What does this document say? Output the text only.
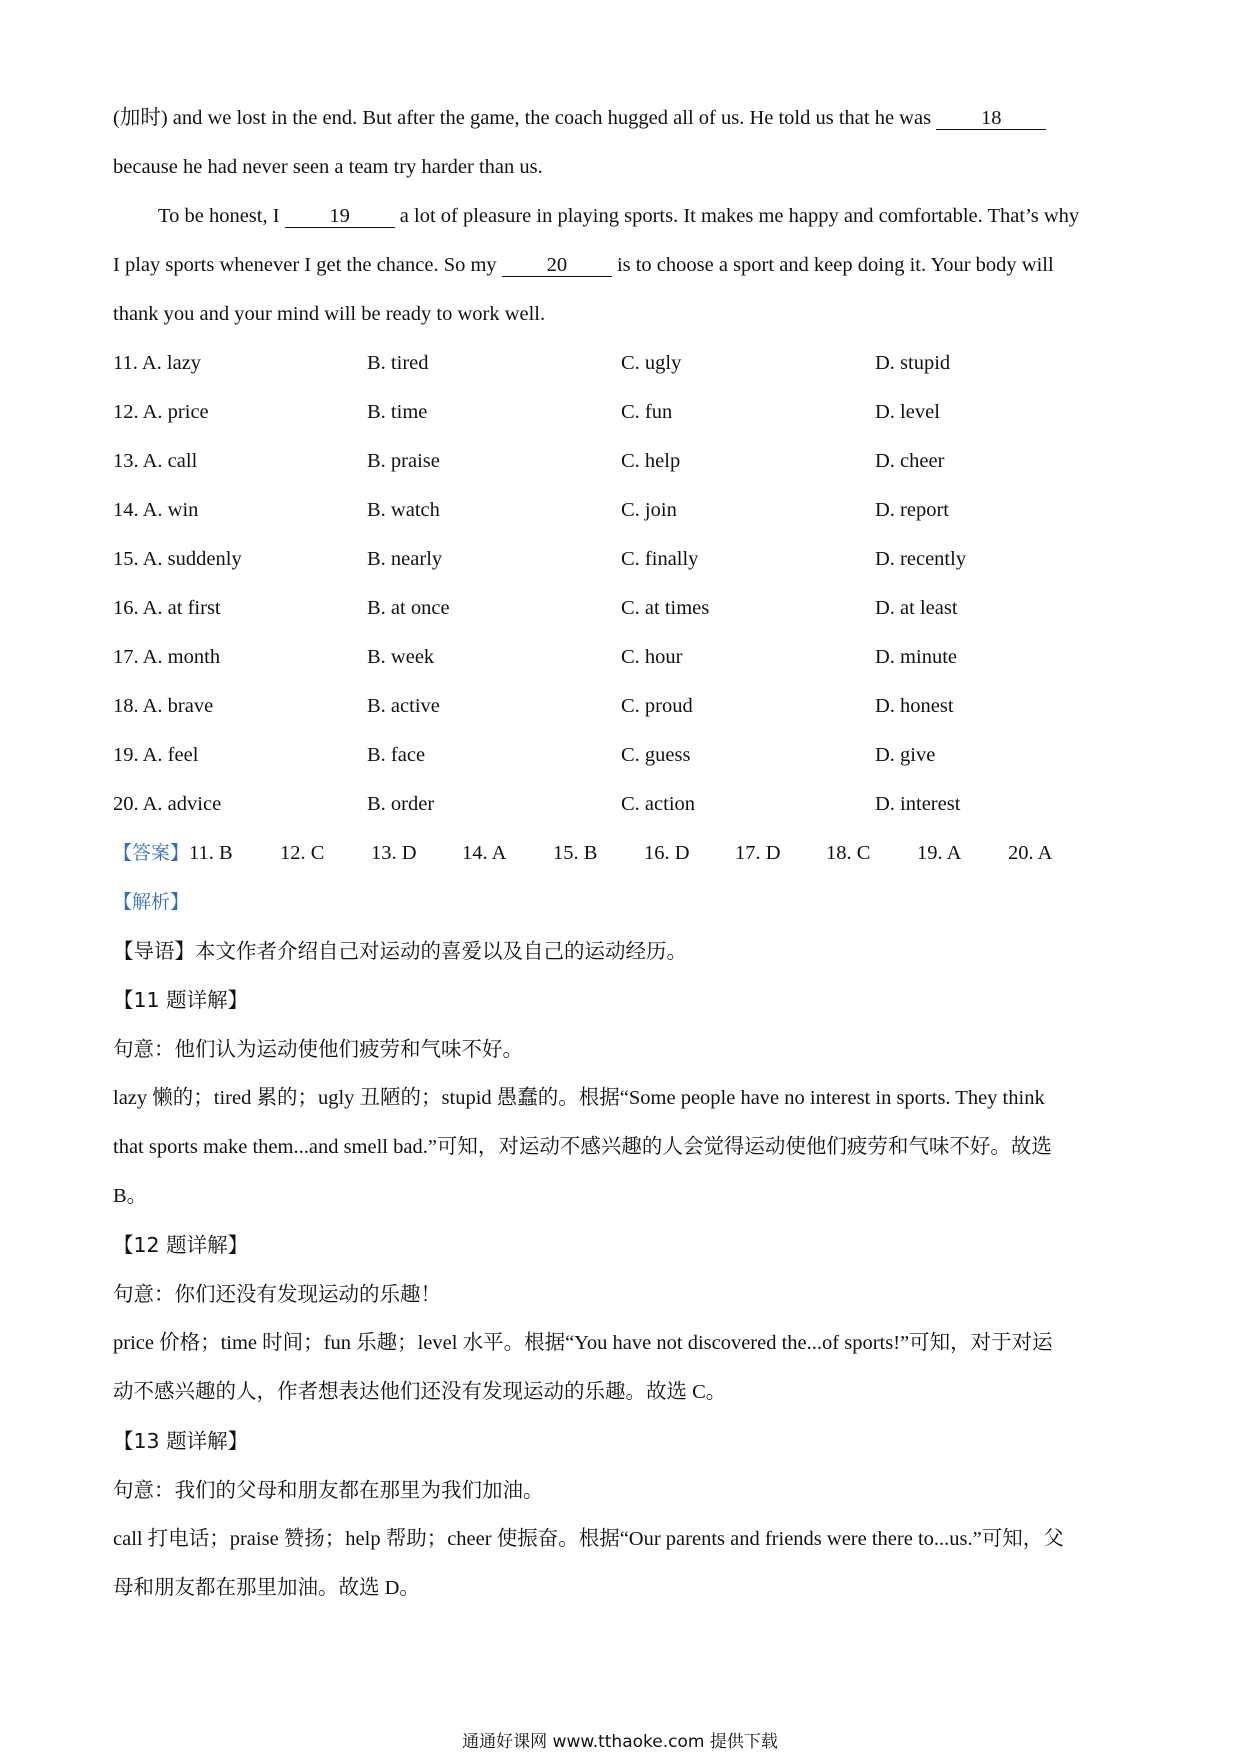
(加时) and we lost in the end. But after the game, the coach hugged all of us. He told us that he was 18
because he had never seen a team try harder than us.
To be honest, I 19 a lot of pleasure in playing sports. It makes me happy and comfortable. That’s why
I play sports whenever I get the chance. So my 20 is to choose a sport and keep doing it. Your body will
thank you and your mind will be ready to work well.
11. A. lazy	B. tired	C. ugly	D. stupid
12. A. price	B. time	C. fun	D. level
13. A. call	B. praise	C. help	D. cheer
14. A. win	B. watch	C. join	D. report
15. A. suddenly	B. nearly	C. finally	D. recently
16. A. at first	B. at once	C. at times	D. at least
17. A. month	B. week	C. hour	D. minute
18. A. brave	B. active	C. proud	D. honest
19. A. feel	B. face	C. guess	D. give
20. A. advice	B. order	C. action	D. interest
【答案】 11. B	12. C	13. D	14. A	15. B	16. D	17. D	18. C	19. A	20. A
【解析】
【导语】本文作者介绍自己对运动的喜爱以及自己的运动经历。
【11 题详解】
句意：他们认为运动使他们疲劳和气味不好。
lazy 懒的；tired 累的；ugly 丑陋的；stupid 愚蠢的。根据“Some people have no interest in sports. They think
that sports make them...and smell bad.”可知，对运动不感兴趣的人会觉得运动使他们疲劳和气味不好。故选
B。
【12 题详解】
句意：你们还没有发现运动的乐趣！
price 价格；time 时间；fun 乐趣；level 水平。根据“You have not discovered the...of sports!”可知，对于对运
动不感兴趣的人，作者想表达他们还没有发现运动的乐趣。故选 C。
【13 题详解】
句意：我们的父母和朋友都在那里为我们加油。
call 打电话；praise 赞扬；help 帮助；cheer 使振奋。根据“Our parents and friends were there to...us.”可知，父
母和朋友都在那里加油。故选 D。
通通好课网 www.tthaoke.com 提供下载
